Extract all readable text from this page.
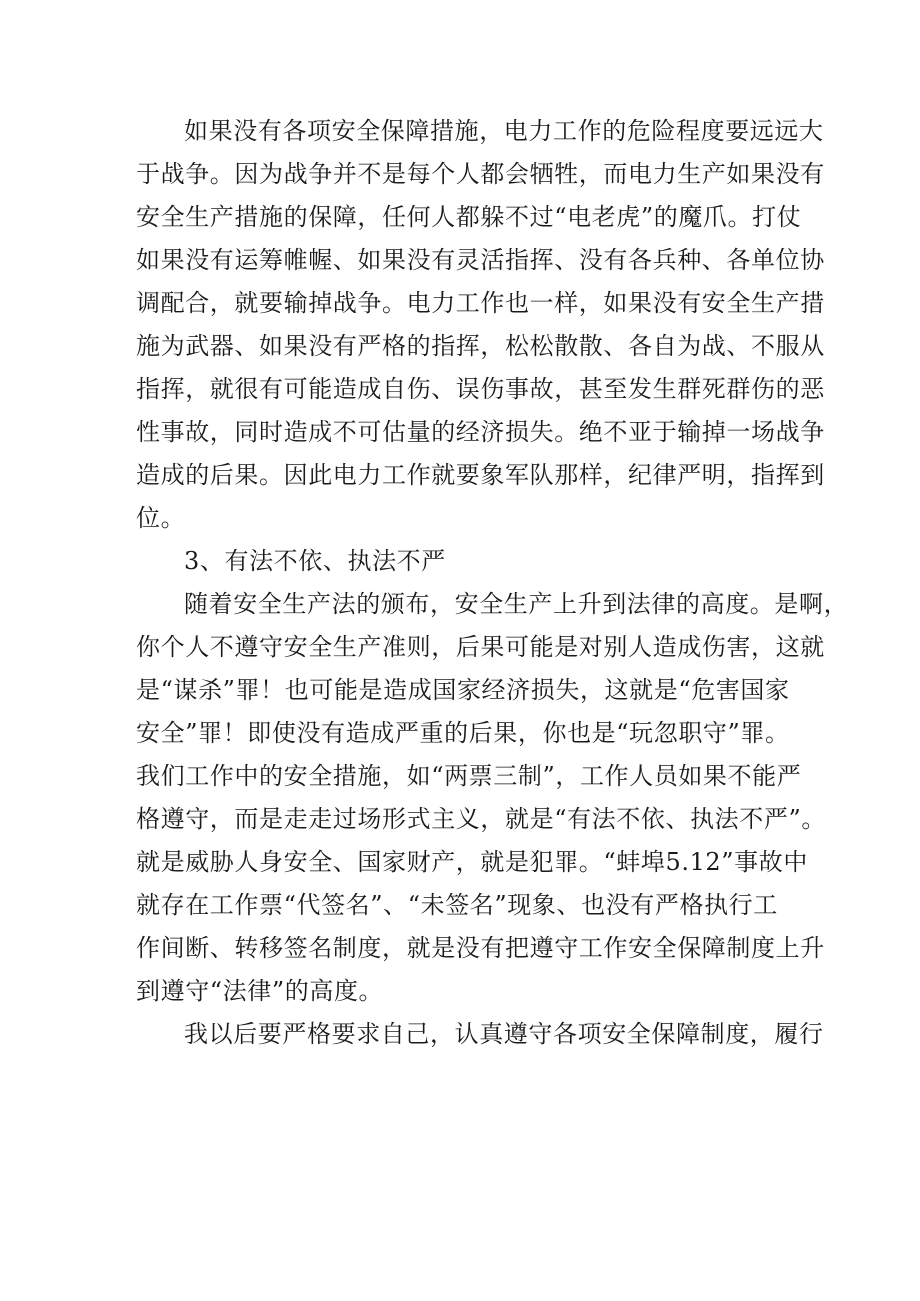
如果没有各项安全保障措施，电力工作的危险程度要远远大
于战争。因为战争并不是每个人都会牺牲，而电力生产如果没有
安全生产措施的保障，任何人都躲不过“电老虎”的魔爪。打仗
如果没有运筹帷幄、如果没有灵活指挥、没有各兵种、各单位协
调配合，就要输掉战争。电力工作也一样，如果没有安全生产措
施为武器、如果没有严格的指挥，松松散散、各自为战、不服从
指挥，就很有可能造成自伤、误伤事故，甚至发生群死群伤的恶
性事故，同时造成不可估量的经济损失。绝不亚于输掉一场战争
造成的后果。因此电力工作就要象军队那样，纪律严明，指挥到
位。
3、有法不依、执法不严
随着安全生产法的颁布，安全生产上升到法律的高度。是啊，
你个人不遵守安全生产准则，后果可能是对别人造成伤害，这就
是“谋杀”罪！也可能是造成国家经济损失，这就是“危害国家
安全”罪！即使没有造成严重的后果，你也是“玩忽职守”罪。
我们工作中的安全措施，如“两票三制”，工作人员如果不能严
格遵守，而是走走过场形式主义，就是“有法不依、执法不严”。
就是威胁人身安全、国家财产，就是犯罪。“蚌埠5.12”事故中
就存在工作票“代签名”、“未签名”现象、也没有严格执行工
作间断、转移签名制度，就是没有把遵守工作安全保障制度上升
到遵守“法律”的高度。
我以后要严格要求自己，认真遵守各项安全保障制度，履行
